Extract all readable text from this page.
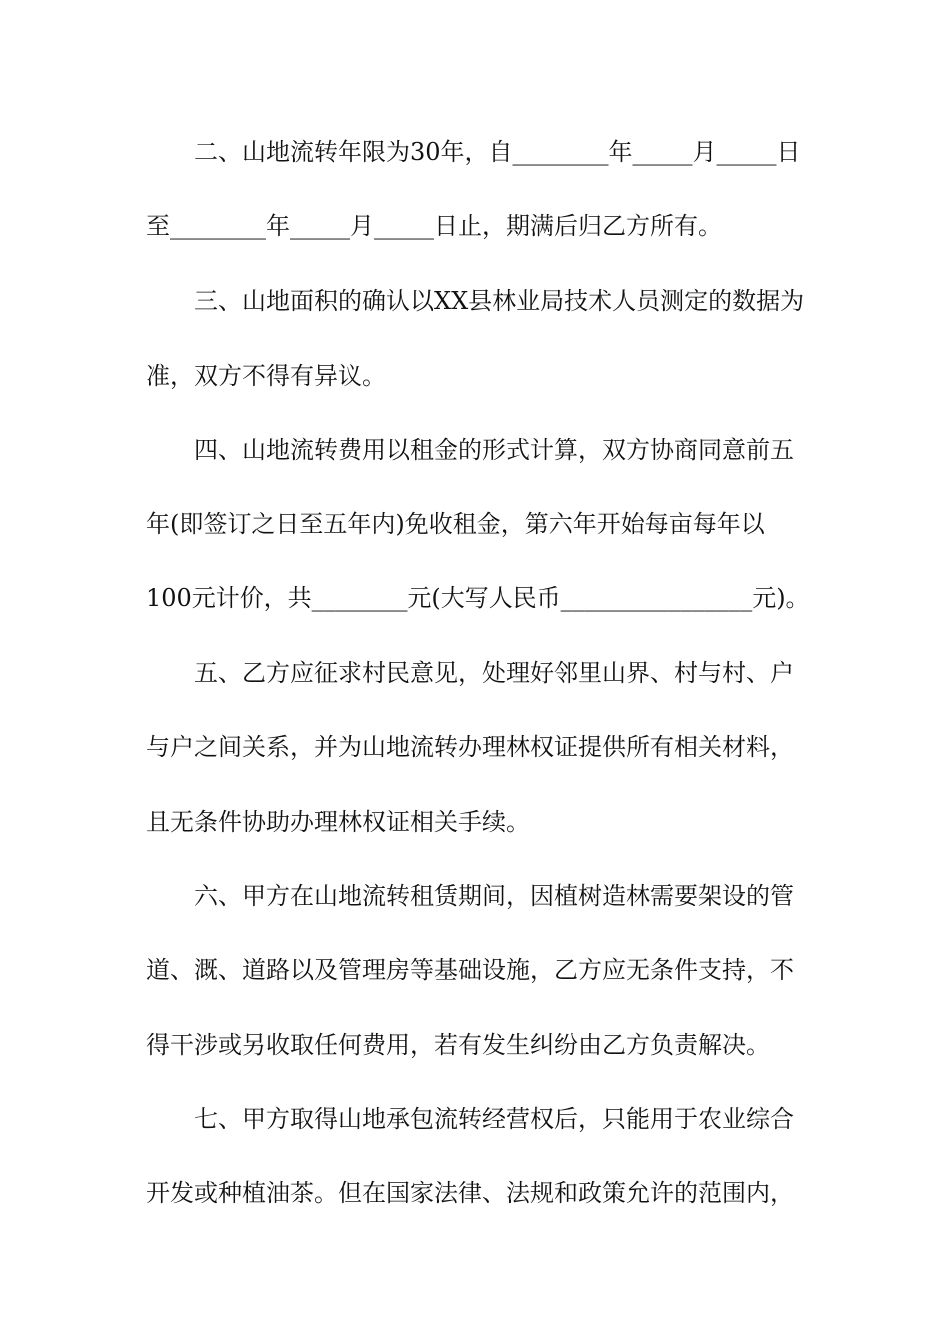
二、山地流转年限为30年，自________年_____月_____日
至________年_____月_____日止，期满后归乙方所有。
三、山地面积的确认以XX县林业局技术人员测定的数据为
准，双方不得有异议。
四、山地流转费用以租金的形式计算，双方协商同意前五
年(即签订之日至五年内)免收租金，第六年开始每亩每年以
100元计价，共________元(大写人民币________________元)。
五、乙方应征求村民意见，处理好邻里山界、村与村、户
与户之间关系，并为山地流转办理林权证提供所有相关材料，
且无条件协助办理林权证相关手续。
六、甲方在山地流转租赁期间，因植树造林需要架设的管
道、溉、道路以及管理房等基础设施，乙方应无条件支持，不
得干涉或另收取任何费用，若有发生纠纷由乙方负责解决。
七、甲方取得山地承包流转经营权后，只能用于农业综合
开发或种植油茶。但在国家法律、法规和政策允许的范围内，
